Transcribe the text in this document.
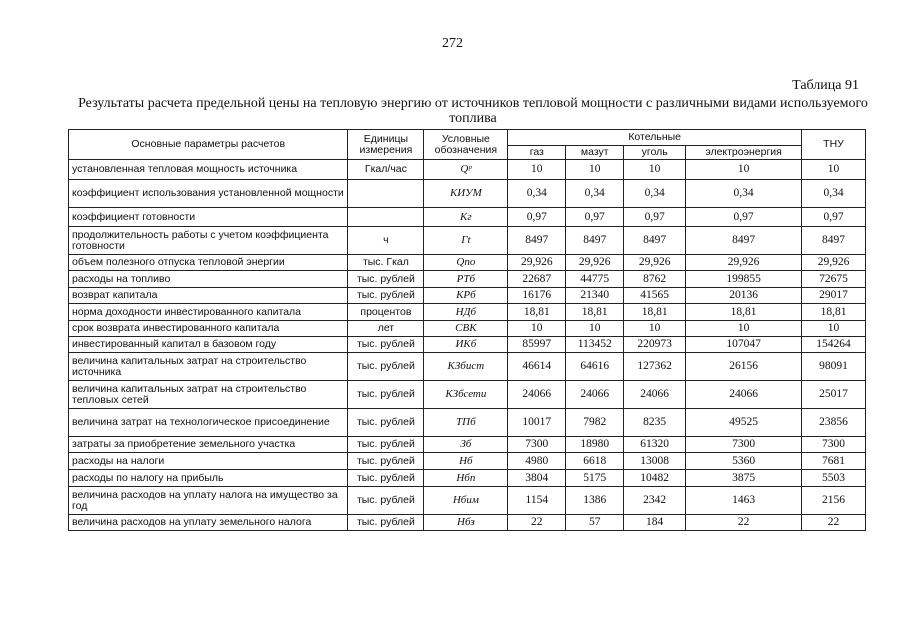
272
Таблица 91
Результаты расчета предельной цены на тепловую энергию от источников тепловой мощности с различными видами используемого топлива
Основные параметры расчетов	Единицы измерения	Условные обозначения	Котельные				ТНУ
			газ	мазут	уголь	электроэнергия	
установленная тепловая мощность источника	Гкал/час	Qᵖ	10	10	10	10	10
коэффициент использования установленной мощности		КИУМ	0,34	0,34	0,34	0,34	0,34
коэффициент готовности		Кг	0,97	0,97	0,97	0,97	0,97
продолжительность работы с учетом коэффициента готовности	ч	Гt	8497	8497	8497	8497	8497
объем полезного отпуска тепловой энергии	тыс. Гкал	Qпо	29,926	29,926	29,926	29,926	29,926
расходы на топливо	тыс. рублей	РТб	22687	44775	8762	199855	72675
возврат капитала	тыс. рублей	КРб	16176	21340	41565	20136	29017
норма доходности инвестированного капитала	процентов	НДб	18,81	18,81	18,81	18,81	18,81
срок возврата инвестированного капитала	лет	СВК	10	10	10	10	10
инвестированный капитал в базовом году	тыс. рублей	ИКб	85997	113452	220973	107047	154264
величина капитальных затрат на строительство источника	тыс. рублей	КЗбист	46614	64616	127362	26156	98091
величина капитальных затрат на строительство тепловых сетей	тыс. рублей	КЗбсети	24066	24066	24066	24066	25017
величина затрат на технологическое присоединение	тыс. рублей	ТПб	10017	7982	8235	49525	23856
затраты за приобретение земельного участка	тыс. рублей	Зб	7300	18980	61320	7300	7300
расходы на налоги	тыс. рублей	Нб	4980	6618	13008	5360	7681
расходы по налогу на прибыль	тыс. рублей	Нбп	3804	5175	10482	3875	5503
величина расходов на уплату налога на имущество за год	тыс. рублей	Нбим	1154	1386	2342	1463	2156
величина расходов на уплату земельного налога	тыс. рублей	Нбз	22	57	184	22	22
